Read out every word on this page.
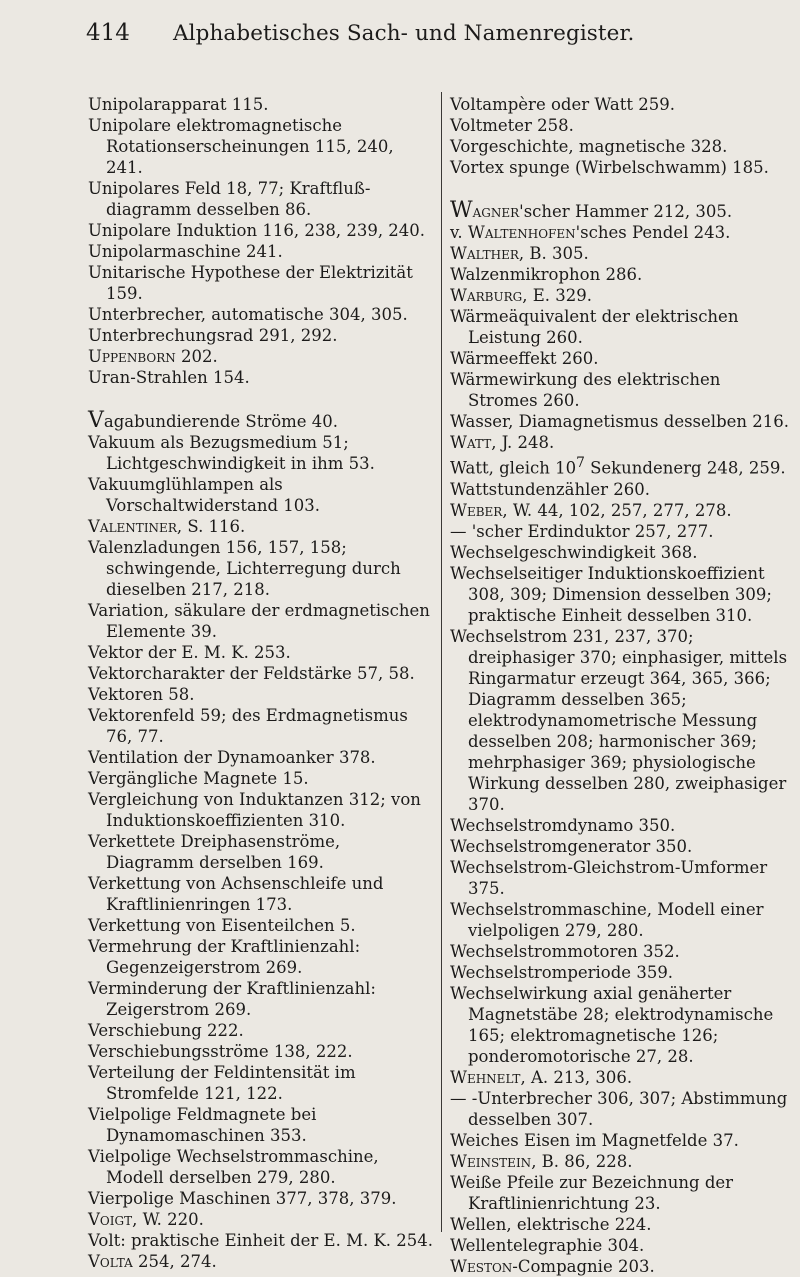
414 Alphabetisches Sach- und Namenregister.

Unipolarapparat 115.

Unipolare elektromagnetische Rotationserscheinungen 115, 240, 241.

Unipolares Feld 18, 77; Kraftfluß-diagramm desselben 86.

Unipolare Induktion 116, 238, 239, 240.

Unipolarmaschine 241.

Unitarische Hypothese der Elektrizität 159.

Unterbrecher, automatische 304, 305.

Unterbrechungsrad 291, 292.

Uppenborn 202.

Uran-Strahlen 154.

Vagabundierende Ströme 40.

Vakuum als Bezugsmedium 51; Lichtgeschwindigkeit in ihm 53.

Vakuumglühlampen als Vorschaltwiderstand 103.

Valentiner, S. 116.

Valenzladungen 156, 157, 158; schwingende, Lichterregung durch dieselben 217, 218.

Variation, säkulare der erdmagnetischen Elemente 39.

Vektor der E. M. K. 253.

Vektorcharakter der Feldstärke 57, 58.

Vektoren 58.

Vektorenfeld 59; des Erdmagnetismus 76, 77.

Ventilation der Dynamoanker 378.

Vergängliche Magnete 15.

Vergleichung von Induktanzen 312; von Induktionskoeffizienten 310.

Verkettete Dreiphasenströme, Diagramm derselben 169.

Verkettung von Achsenschleife und Kraftlinienringen 173.

Verkettung von Eisenteilchen 5.

Vermehrung der Kraftlinienzahl: Gegenzeigerstrom 269.

Verminderung der Kraftlinienzahl: Zeigerstrom 269.

Verschiebung 222.

Verschiebungsströme 138, 222.

Verteilung der Feldintensität im Stromfelde 121, 122.

Vielpolige Feldmagnete bei Dynamomaschinen 353.

Vielpolige Wechselstrommaschine, Modell derselben 279, 280.

Vierpolige Maschinen 377, 378, 379.

Voigt, W. 220.

Volt: praktische Einheit der E. M. K. 254.

Volta 254, 274.

Voltampère oder Watt 259.

Voltmeter 258.

Vorgeschichte, magnetische 328.

Vortex spunge (Wirbelschwamm) 185.

Wagner'scher Hammer 212, 305.

v. Waltenhofen'sches Pendel 243.

Walther, B. 305.

Walzenmikrophon 286.

Warburg, E. 329.

Wärmeäquivalent der elektrischen Leistung 260.

Wärmeeffekt 260.

Wärmewirkung des elektrischen Stromes 260.

Wasser, Diamagnetismus desselben 216.

Watt, J. 248.

Watt, gleich $10^7$ Sekundenerg 248, 259.

Wattstundenzähler 260.

Weber, W. 44, 102, 257, 277, 278.

— 'scher Erdinduktor 257, 277.

Wechselgeschwindigkeit 368.

Wechselseitiger Induktionskoeffizient 308, 309; Dimension desselben 309; praktische Einheit desselben 310.

Wechselstrom 231, 237, 370; dreiphasiger 370; einphasiger, mittels Ringarmatur erzeugt 364, 365, 366; Diagramm desselben 365; elektrodynamometrische Messung desselben 208; harmonischer 369; mehrphasiger 369; physiologische Wirkung desselben 280, zweiphasiger 370.

Wechselstromdynamo 350.

Wechselstromgenerator 350.

Wechselstrom-Gleichstrom-Umformer 375.

Wechselstrommaschine, Modell einer vielpoligen 279, 280.

Wechselstrommotoren 352.

Wechselstromperiode 359.

Wechselwirkung axial genäherter Magnetstäbe 28; elektrodynamische 165; elektromagnetische 126; ponderomotorische 27, 28.

Wehnelt, A. 213, 306.

— -Unterbrecher 306, 307; Abstimmung desselben 307.

Weiches Eisen im Magnetfelde 37.

Weinstein, B. 86, 228.

Weiße Pfeile zur Bezeichnung der Kraftlinienrichtung 23.

Wellen, elektrische 224.

Wellentelegraphie 304.

Weston-Compagnie 203.
